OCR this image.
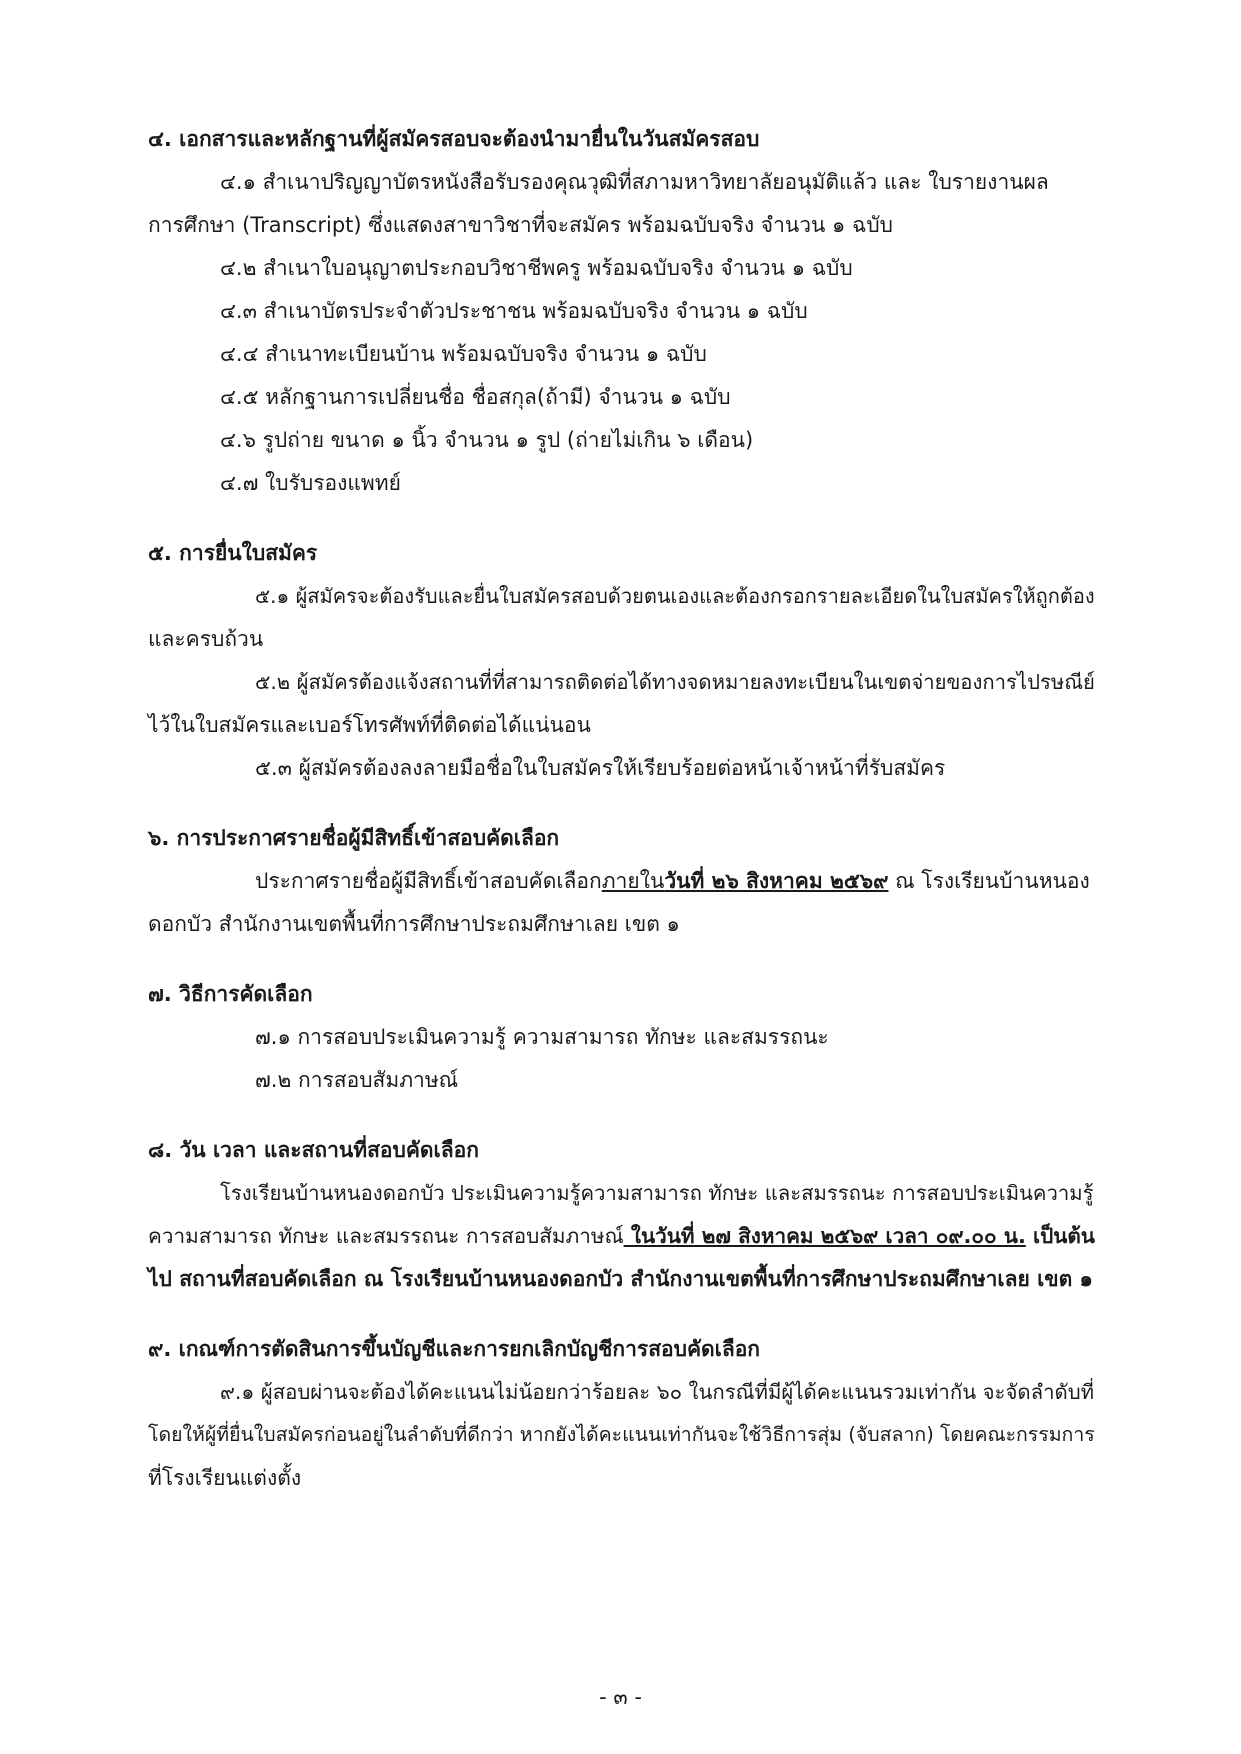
๔. เอกสารและหลักฐานที่ผู้สมัครสอบจะต้องนำมายื่นในวันสมัครสอบ
๔.๑ สำเนาปริญญาบัตรหนังสือรับรองคุณวุฒิที่สภามหาวิทยาลัยอนุมัติแล้ว และ ใบรายงานผล
การศึกษา (Transcript) ซึ่งแสดงสาขาวิชาที่จะสมัคร พร้อมฉบับจริง จำนวน ๑ ฉบับ
๔.๒ สำเนาใบอนุญาตประกอบวิชาชีพครู พร้อมฉบับจริง จำนวน ๑ ฉบับ
๔.๓ สำเนาบัตรประจำตัวประชาชน พร้อมฉบับจริง จำนวน ๑ ฉบับ
๔.๔ สำเนาทะเบียนบ้าน พร้อมฉบับจริง จำนวน ๑ ฉบับ
๔.๕ หลักฐานการเปลี่ยนชื่อ ชื่อสกุล(ถ้ามี) จำนวน ๑ ฉบับ
๔.๖ รูปถ่าย ขนาด ๑ นิ้ว จำนวน ๑ รูป (ถ่ายไม่เกิน ๖ เดือน)
๔.๗ ใบรับรองแพทย์
๕. การยื่นใบสมัคร
๕.๑ ผู้สมัครจะต้องรับและยื่นใบสมัครสอบด้วยตนเองและต้องกรอกรายละเอียดในใบสมัครให้ถูกต้อง
และครบถ้วน
๕.๒ ผู้สมัครต้องแจ้งสถานที่ที่สามารถติดต่อได้ทางจดหมายลงทะเบียนในเขตจ่ายของการไปรษณีย์
ไว้ในใบสมัครและเบอร์โทรศัพท์ที่ติดต่อได้แน่นอน
๕.๓ ผู้สมัครต้องลงลายมือชื่อในใบสมัครให้เรียบร้อยต่อหน้าเจ้าหน้าที่รับสมัคร
๖. การประกาศรายชื่อผู้มีสิทธิ์เข้าสอบคัดเลือก
ประกาศรายชื่อผู้มีสิทธิ์เข้าสอบคัดเลือกภายในวันที่ ๒๖ สิงหาคม ๒๕๖๙ ณ โรงเรียนบ้านหนอง
ดอกบัว สำนักงานเขตพื้นที่การศึกษาประถมศึกษาเลย เขต ๑
๗. วิธีการคัดเลือก
๗.๑ การสอบประเมินความรู้ ความสามารถ ทักษะ และสมรรถนะ
๗.๒ การสอบสัมภาษณ์
๘. วัน เวลา และสถานที่สอบคัดเลือก
โรงเรียนบ้านหนองดอกบัว ประเมินความรู้ความสามารถ ทักษะ และสมรรถนะ การสอบประเมินความรู้
ความสามารถ ทักษะ และสมรรถนะ การสอบสัมภาษณ์ ในวันที่ ๒๗ สิงหาคม ๒๕๖๙ เวลา ๐๙.๐๐ น. เป็นต้น
ไป สถานที่สอบคัดเลือก ณ โรงเรียนบ้านหนองดอกบัว สำนักงานเขตพื้นที่การศึกษาประถมศึกษาเลย เขต ๑
๙. เกณฑ์การตัดสินการขึ้นบัญชีและการยกเลิกบัญชีการสอบคัดเลือก
๙.๑ ผู้สอบผ่านจะต้องได้คะแนนไม่น้อยกว่าร้อยละ ๖๐ ในกรณีที่มีผู้ได้คะแนนรวมเท่ากัน จะจัดลำดับที่
โดยให้ผู้ที่ยื่นใบสมัครก่อนอยู่ในลำดับที่ดีกว่า หากยังได้คะแนนเท่ากันจะใช้วิธีการสุ่ม (จับสลาก) โดยคณะกรรมการ
ที่โรงเรียนแต่งตั้ง
- ๓ -
